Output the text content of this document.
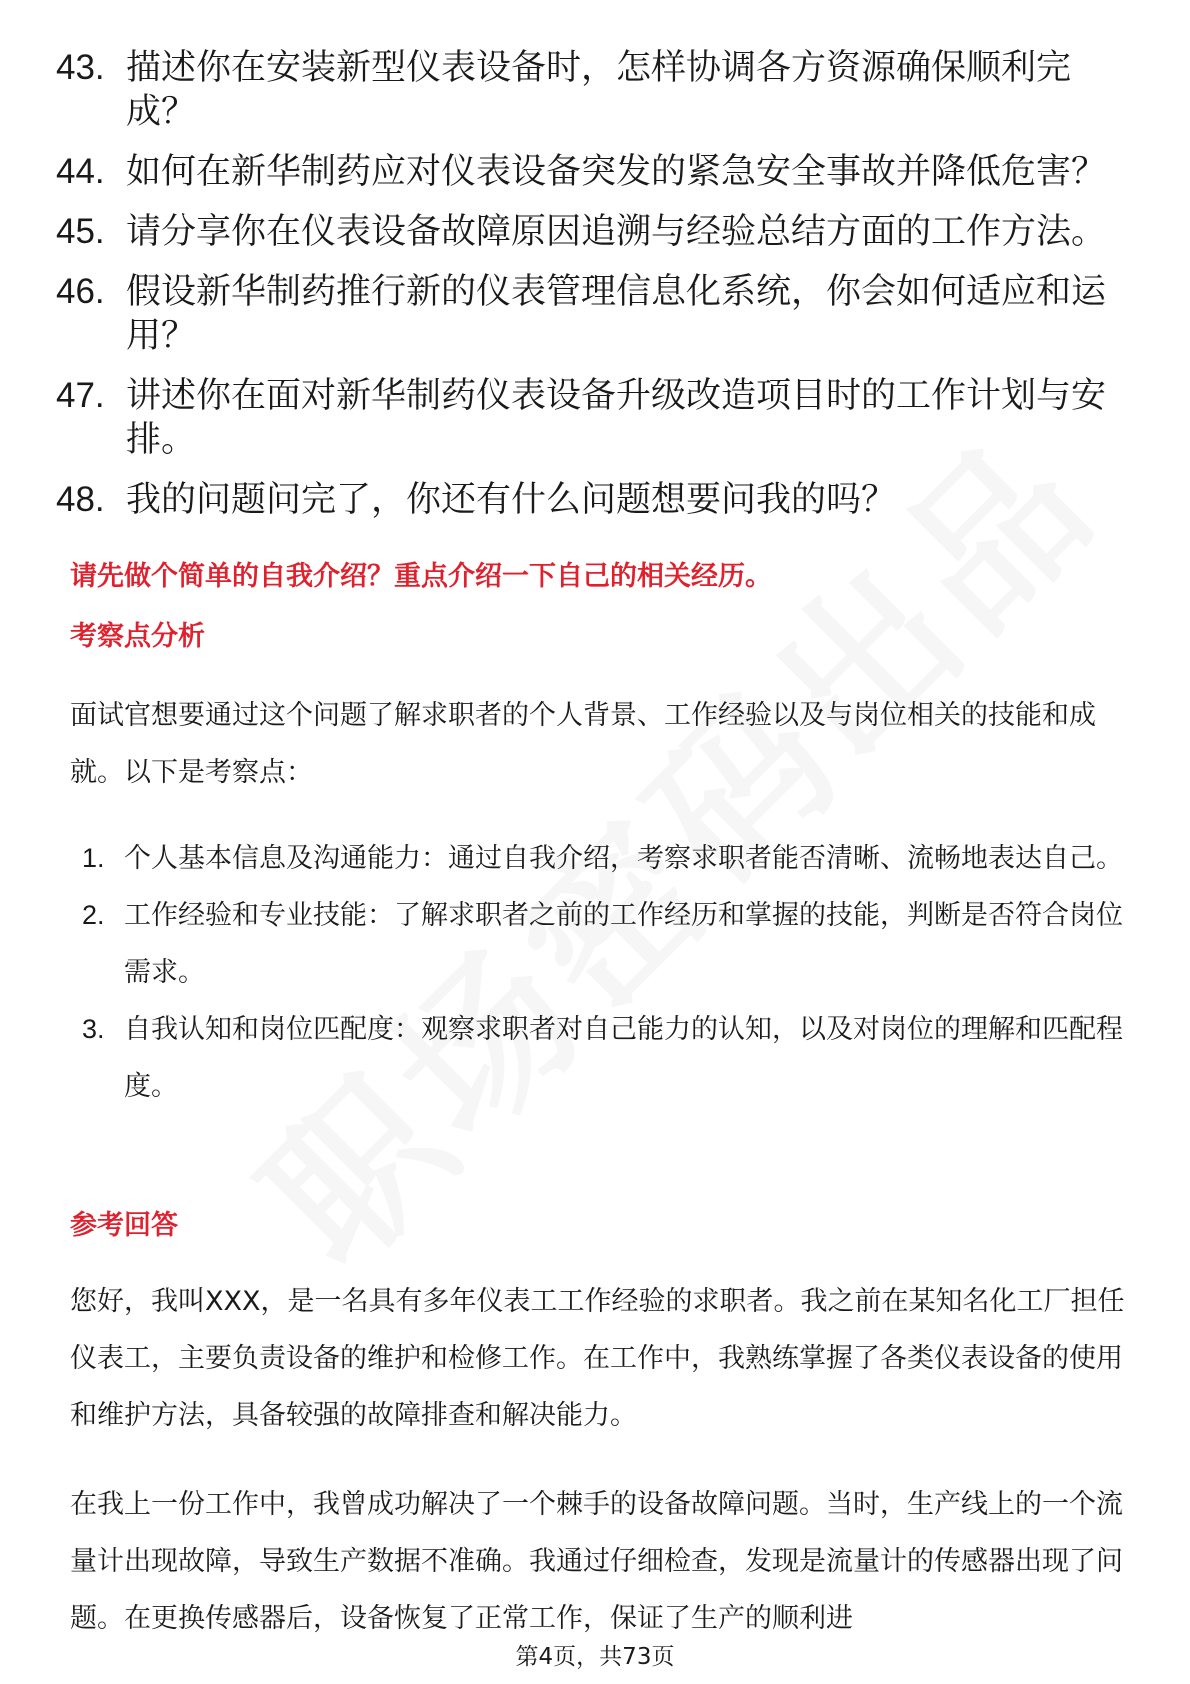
43. 描述你在安装新型仪表设备时，怎样协调各方资源确保顺利完成？
44. 如何在新华制药应对仪表设备突发的紧急安全事故并降低危害？
45. 请分享你在仪表设备故障原因追溯与经验总结方面的工作方法。
46. 假设新华制药推行新的仪表管理信息化系统，你会如何适应和运用？
47. 讲述你在面对新华制药仪表设备升级改造项目时的工作计划与安排。
48. 我的问题问完了，你还有什么问题想要问我的吗？
请先做个简单的自我介绍？重点介绍一下自己的相关经历。
考察点分析

面试官想要通过这个问题了解求职者的个人背景、工作经验以及与岗位相关的技能和成就。以下是考察点：

1. 个人基本信息及沟通能力：通过自我介绍，考察求职者能否清晰、流畅地表达自己。
2. 工作经验和专业技能：了解求职者之前的工作经历和掌握的技能，判断是否符合岗位需求。
3. 自我认知和岗位匹配度：观察求职者对自己能力的认知，以及对岗位的理解和匹配程度。
参考回答

您好，我叫XXX，是一名具有多年仪表工工作经验的求职者。我之前在某知名化工厂担任仪表工，主要负责设备的维护和检修工作。在工作中，我熟练掌握了各类仪表设备的使用和维护方法，具备较强的故障排查和解决能力。

在我上一份工作中，我曾成功解决了一个棘手的设备故障问题。当时，生产线上的一个流量计出现故障，导致生产数据不准确。我通过仔细检查，发现是流量计的传感器出现了问题。在更换传感器后，设备恢复了正常工作，保证了生产的顺利进

第4页，共73页
